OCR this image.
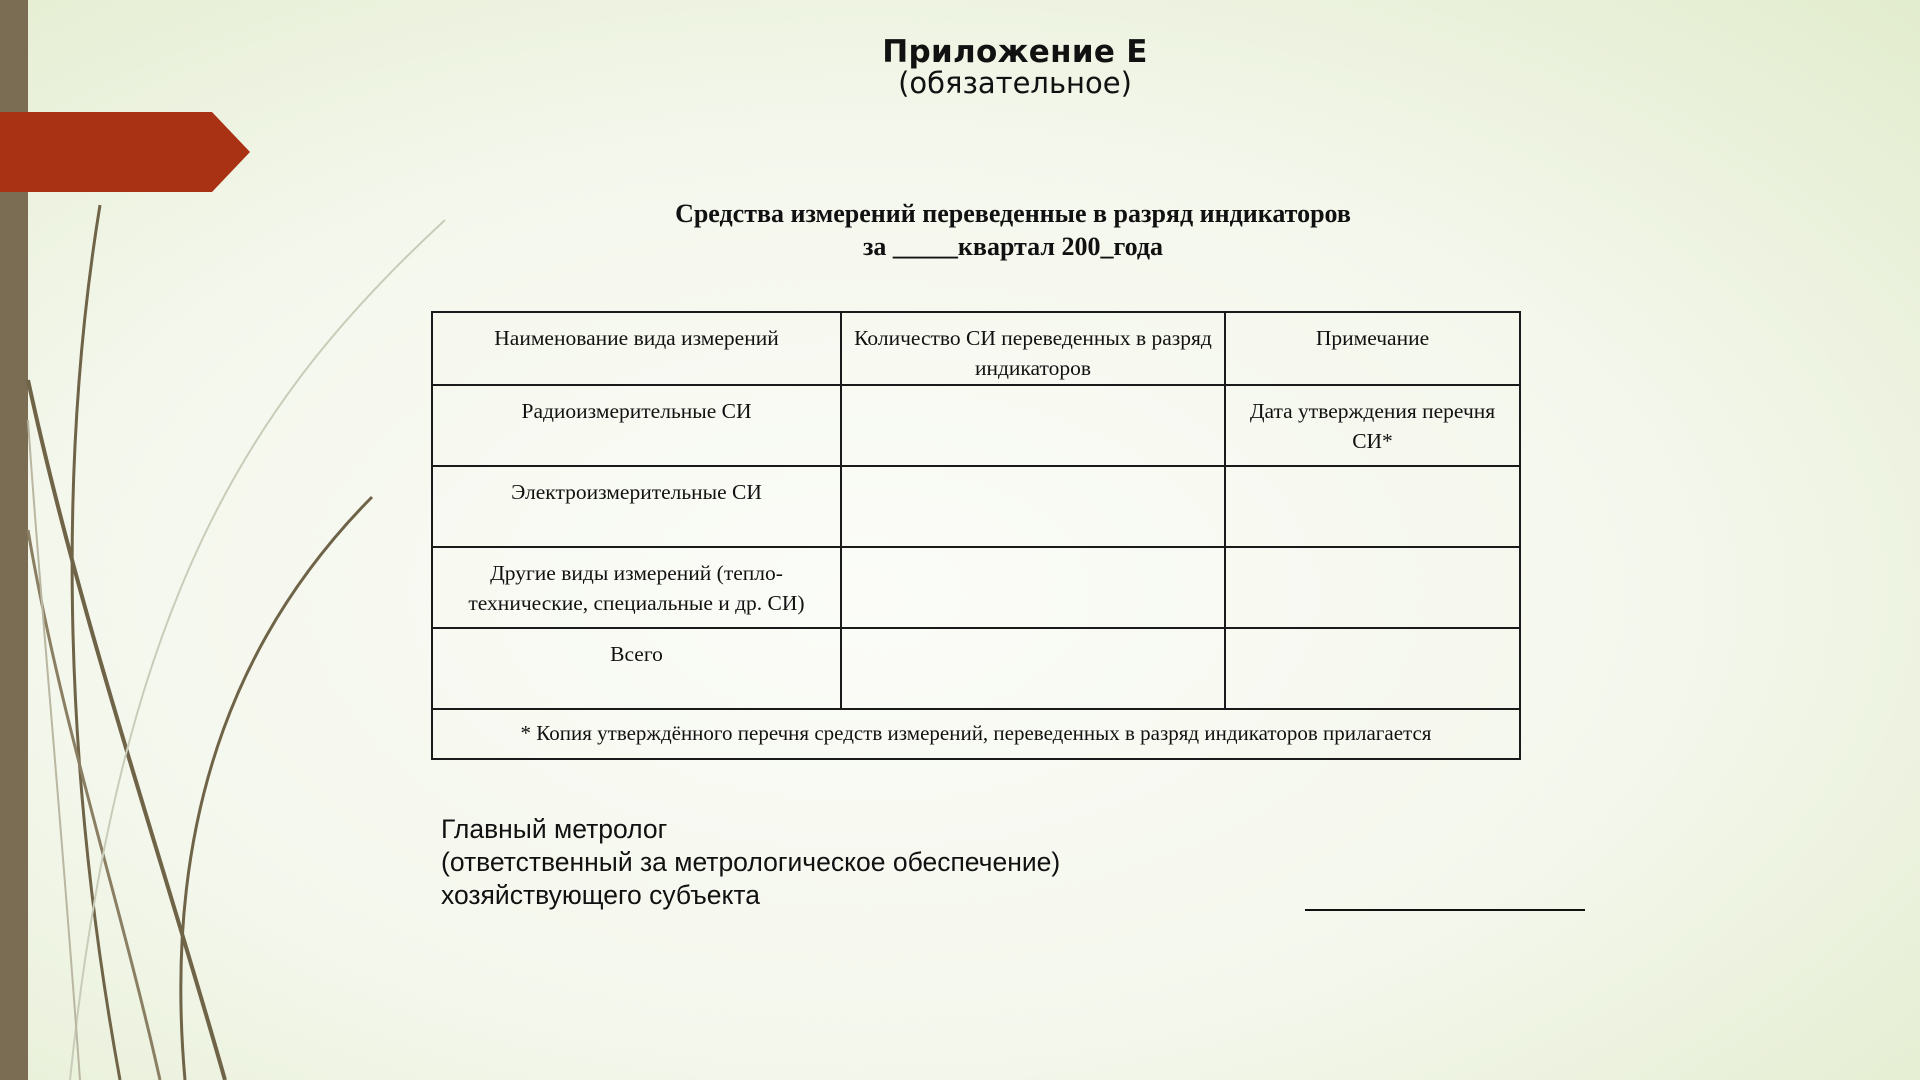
Приложение Е
(обязательное)
Средства измерений переведенные в разряд индикаторов
за _____квартал 200_года
Наименование вида измерений	Количество СИ переведенных в разряд индикаторов	Примечание
Радиоизмерительные СИ		Дата утверждения перечня СИ*
Электроизмерительные СИ		
Другие виды измерений (тепло-технические, специальные и др. СИ)		
Всего		
* Копия утверждённого перечня средств измерений, переведенных в разряд индикаторов прилагается		
Главный метролог
(ответственный за метрологическое обеспечение)
хозяйствующего субъекта
